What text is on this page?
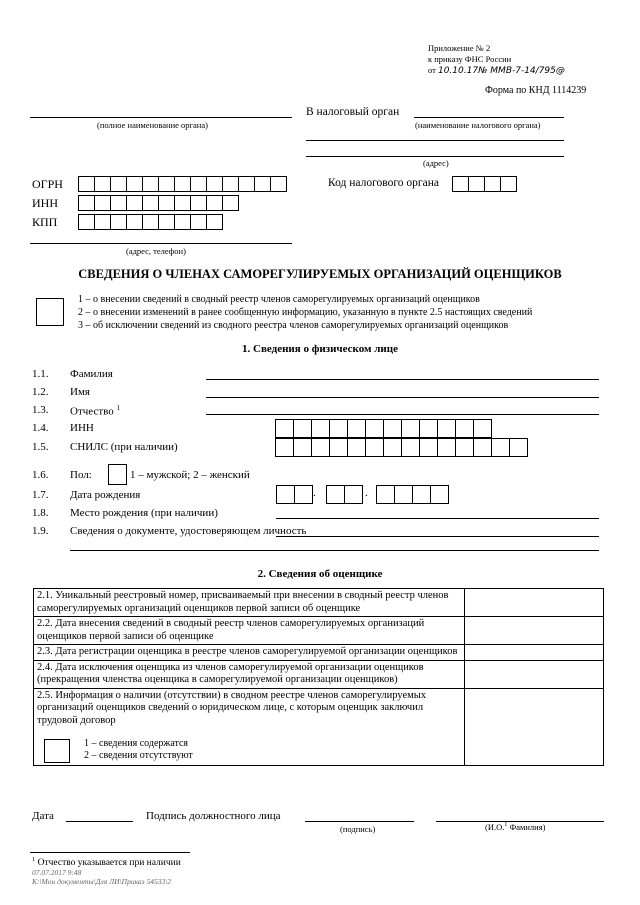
Приложение № 2
к приказу ФНС России
от 10.10.17№ ММВ-7-14/795@
Форма по КНД 1114239
(полное наименование органа)
В налоговый орган
(наименование налогового органа)
(адрес)
ОГРН
ИНН
КПП
Код налогового органа
(адрес, телефон)
СВЕДЕНИЯ О ЧЛЕНАХ САМОРЕГУЛИРУЕМЫХ ОРГАНИЗАЦИЙ ОЦЕНЩИКОВ
1 – о внесении сведений в сводный реестр членов саморегулируемых организаций оценщиков
2 – о внесении изменений в ранее сообщенную информацию, указанную в пункте 2.5 настоящих сведений
3 – об исключении сведений из сводного реестра членов саморегулируемых организаций оценщиков
1. Сведения о физическом лице
1.1. Фамилия
1.2. Имя
1.3. Отчество $^1$
1.4. ИНН
1.5. СНИЛС (при наличии)
1.6. Пол:	1 – мужской; 2 – женский
1.7. Дата рождения	.	.
1.8. Место рождения (при наличии)
1.9. Сведения о документе, удостоверяющем личность
2. Сведения об оценщике
2.1. Уникальный реестровый номер, присваиваемый при внесении в сводный реестр членов саморегулируемых организаций оценщиков первой записи об оценщике	
2.2. Дата внесения сведений в сводный реестр членов саморегулируемых организаций оценщиков первой записи об оценщике	
2.3. Дата регистрации оценщика в реестре членов саморегулируемой организации оценщиков	
2.4. Дата исключения оценщика из членов саморегулируемой организации оценщиков (прекращения членства оценщика в саморегулируемой организации оценщиков)	

2.5. Информация о наличии (отсутствии) в сводном реестре членов саморегулируемых организаций оценщиков сведений о юридическом лице, с которым оценщик заключил трудовой договор
1 – сведения содержатся
2 – сведения отсутствуют	

Дата	Подпись должностного лица
(подпись)	(И.О.$^1$ Фамилия)
$^1$ Отчество указывается при наличии
07.07.2017 9:48
К:\Мои документы\Для ЛИ\Приказ 54533\2
